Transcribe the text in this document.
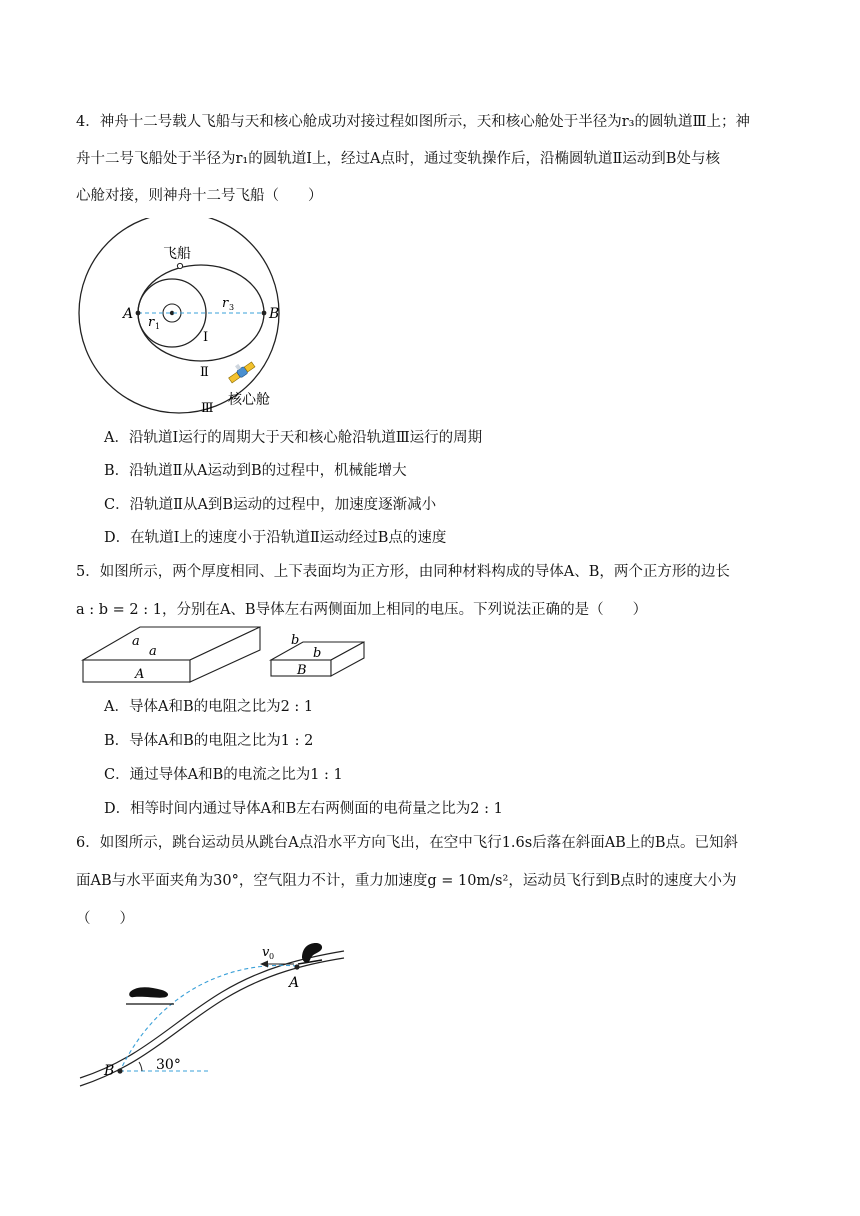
4．神舟十二号载人飞船与天和核心舱成功对接过程如图所示，天和核心舱处于半径为r₃的圆轨道Ⅲ上；神
舟十二号飞船处于半径为r₁的圆轨道Ⅰ上，经过A点时，通过变轨操作后，沿椭圆轨道Ⅱ运动到B处与核
心舱对接，则神舟十二号飞船（　　）
飞船
A	B
r 1
r 3
Ⅰ
Ⅱ
Ⅲ
核心舱
A．沿轨道Ⅰ运行的周期大于天和核心舱沿轨道Ⅲ运行的周期
B．沿轨道Ⅱ从A运动到B的过程中，机械能增大
C．沿轨道Ⅱ从A到B运动的过程中，加速度逐渐减小
D．在轨道Ⅰ上的速度小于沿轨道Ⅱ运动经过B点的速度
5．如图所示，两个厚度相同、上下表面均为正方形，由同种材料构成的导体A、B，两个正方形的边长
a : b = 2 : 1，分别在A、B导体左右两侧面加上相同的电压。下列说法正确的是（　　）
a
a
A
b
b
B
A．导体A和B的电阻之比为2 : 1
B．导体A和B的电阻之比为1 : 2
C．通过导体A和B的电流之比为1 : 1
D．相等时间内通过导体A和B左右两侧面的电荷量之比为2 : 1
6．如图所示，跳台运动员从跳台A点沿水平方向飞出，在空中飞行1.6s后落在斜面AB上的B点。已知斜
面AB与水平面夹角为30°，空气阻力不计，重力加速度g = 10m/s²，运动员飞行到B点时的速度大小为
（　　）
v 0
A
B	30°
